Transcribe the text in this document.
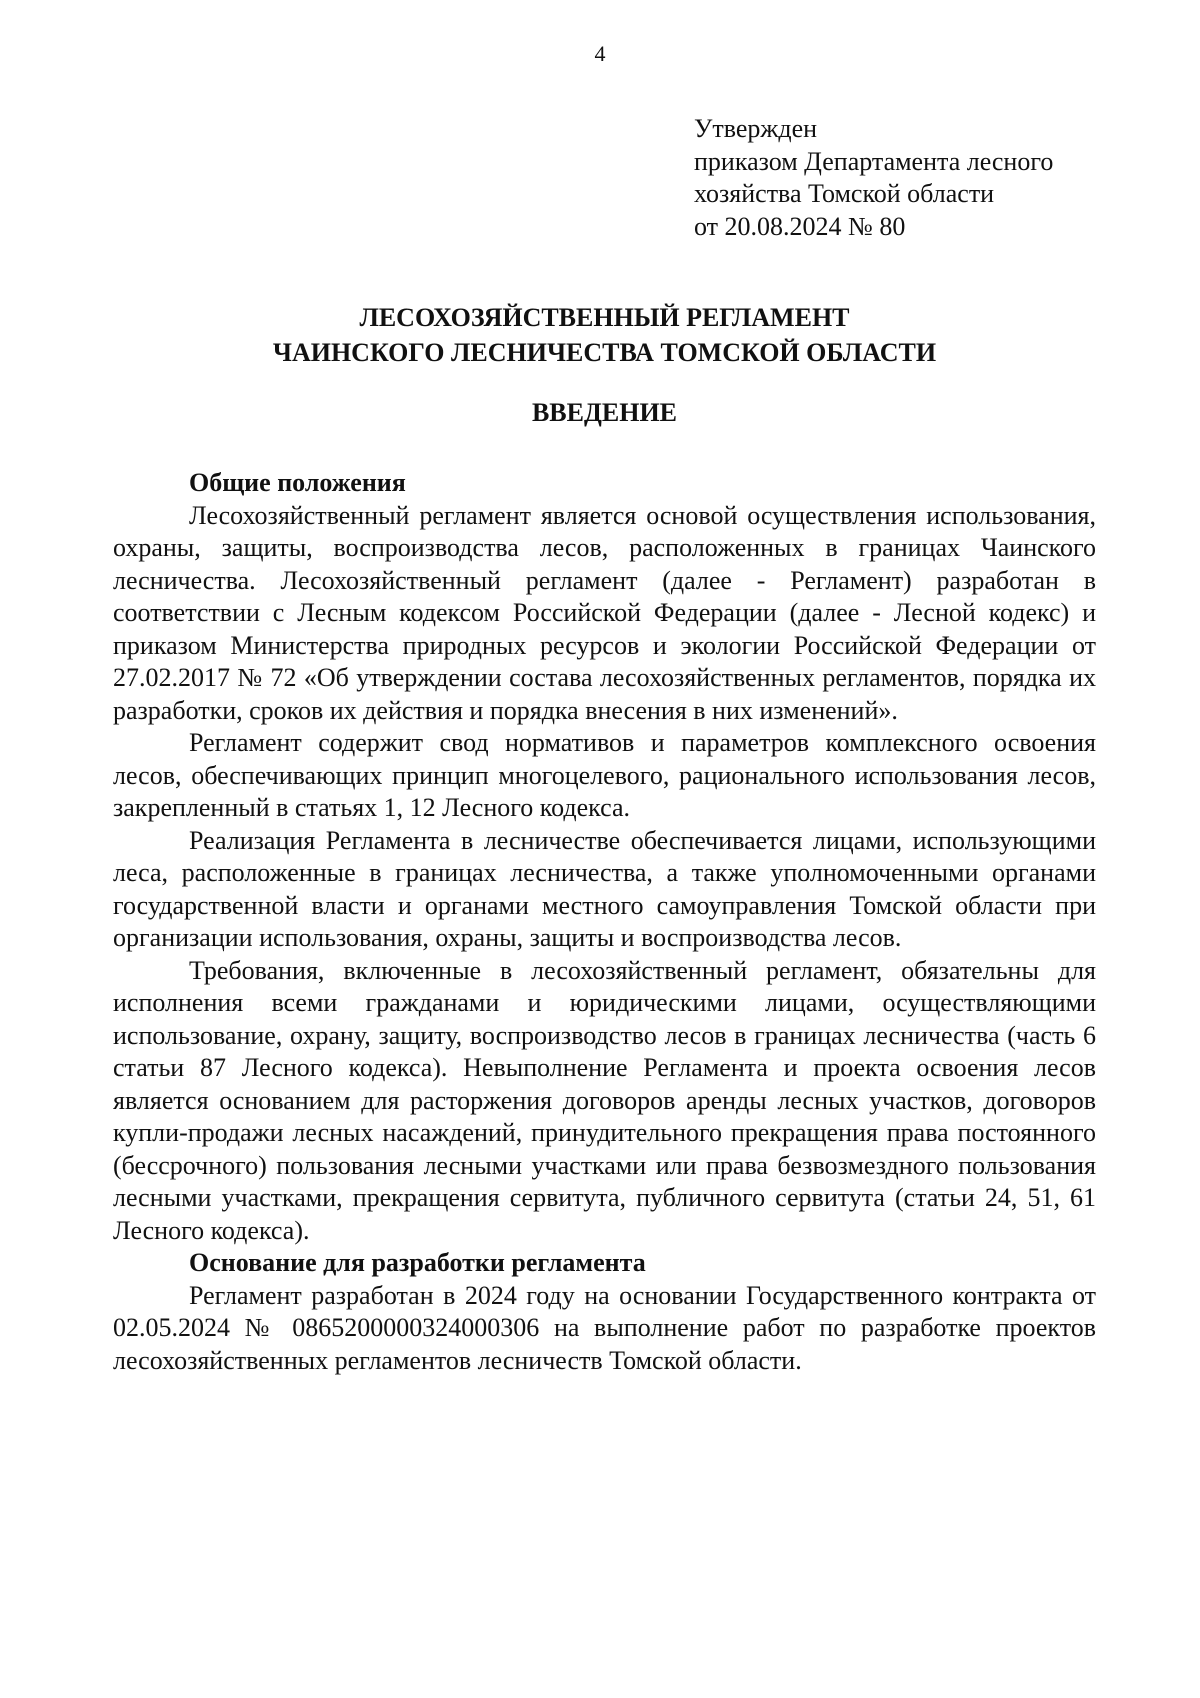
4
Утвержден
приказом Департамента лесного
хозяйства Томской области
от 20.08.2024 № 80
ЛЕСОХОЗЯЙСТВЕННЫЙ РЕГЛАМЕНТ
ЧАИНСКОГО ЛЕСНИЧЕСТВА ТОМСКОЙ ОБЛАСТИ
ВВЕДЕНИЕ

Общие положения

Лесохозяйственный регламент является основой осуществления использования, охраны, защиты, воспроизводства лесов, расположенных в границах Чаинского лесничества. Лесохозяйственный регламент (далее - Регламент) разработан в соответствии с Лесным кодексом Российской Федерации (далее - Лесной кодекс) и приказом Министерства природных ресурсов и экологии Российской Федерации от 27.02.2017 № 72 «Об утверждении состава лесохозяйственных регламентов, порядка их разработки, сроков их действия и порядка внесения в них изменений».

Регламент содержит свод нормативов и параметров комплексного освоения лесов, обеспечивающих принцип многоцелевого, рационального использования лесов, закрепленный в статьях 1, 12 Лесного кодекса.

Реализация Регламента в лесничестве обеспечивается лицами, использующими леса, расположенные в границах лесничества, а также уполномоченными органами государственной власти и органами местного самоуправления Томской области при организации использования, охраны, защиты и воспроизводства лесов.

Требования, включенные в лесохозяйственный регламент, обязательны для исполнения всеми гражданами и юридическими лицами, осуществляющими использование, охрану, защиту, воспроизводство лесов в границах лесничества (часть 6 статьи 87 Лесного кодекса). Невыполнение Регламента и проекта освоения лесов является основанием для расторжения договоров аренды лесных участков, договоров купли-продажи лесных насаждений, принудительного прекращения права постоянного (бессрочного) пользования лесными участками или права безвозмездного пользования лесными участками, прекращения сервитута, публичного сервитута (статьи 24, 51, 61 Лесного кодекса).

Основание для разработки регламента

Регламент разработан в 2024 году на основании Государственного контракта от 02.05.2024 № 0865200000324000306 на выполнение работ по разработке проектов лесохозяйственных регламентов лесничеств Томской области.
